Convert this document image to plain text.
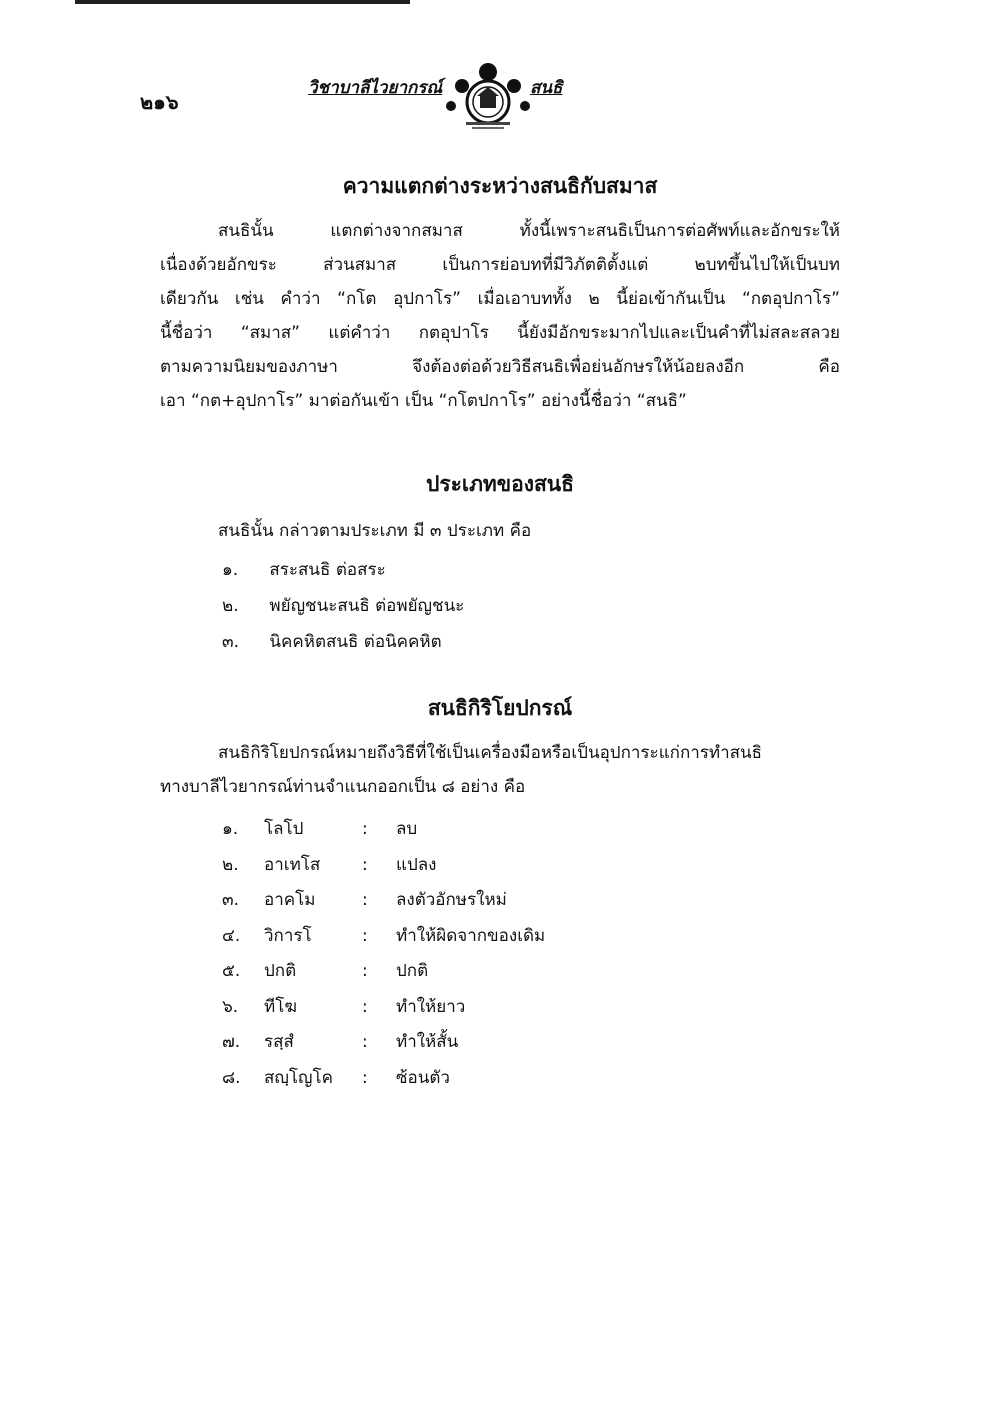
๒๑๖
วิชาบาลีไวยากรณ์	สนธิ
ความแตกต่างระหว่างสนธิกับสมาส
สนธินั้น แตกต่างจากสมาส ทั้งนี้เพราะสนธิเป็นการต่อศัพท์และอักขระให้
เนื่องด้วยอักขระ ส่วนสมาส เป็นการย่อบทที่มีวิภัตติตั้งแต่ ๒บทขึ้นไปให้เป็นบท
เดียวกัน เช่น คำว่า “กโต อุปกาโร” เมื่อเอาบททั้ง ๒ นี้ย่อเข้ากันเป็น “กตอุปกาโร”
นี้ชื่อว่า “สมาส” แต่คำว่า กตอุปาโร นี้ยังมีอักขระมากไปและเป็นคำที่ไม่สละสลวย
ตามความนิยมของภาษา จึงต้องต่อด้วยวิธีสนธิเพื่อย่นอักษรให้น้อยลงอีก คือ
เอา “กต+อุปกาโร” มาต่อกันเข้า เป็น “กโตปกาโร” อย่างนี้ชื่อว่า “สนธิ”
ประเภทของสนธิ
สนธินั้น กล่าวตามประเภท มี ๓ ประเภท คือ
๑. สระสนธิ ต่อสระ
๒. พยัญชนะสนธิ ต่อพยัญชนะ
๓. นิคคหิตสนธิ ต่อนิคคหิต
สนธิกิริโยปกรณ์
สนธิกิริโยปกรณ์หมายถึงวิธีที่ใช้เป็นเครื่องมือหรือเป็นอุปการะแก่การทำสนธิ
ทางบาลีไวยากรณ์ท่านจำแนกออกเป็น ๘ อย่าง คือ
๑. โลโป	: ลบ
๒. อาเทโส : แปลง
๓. อาคโม	: ลงตัวอักษรใหม่
๔. วิการโ	: ทำให้ผิดจากของเดิม
๕. ปกติ	: ปกติ
๖. ทีโฆ	: ทำให้ยาว
๗. รสฺสํ	: ทำให้สั้น
๘. สญฺโญโค : ซ้อนตัว
